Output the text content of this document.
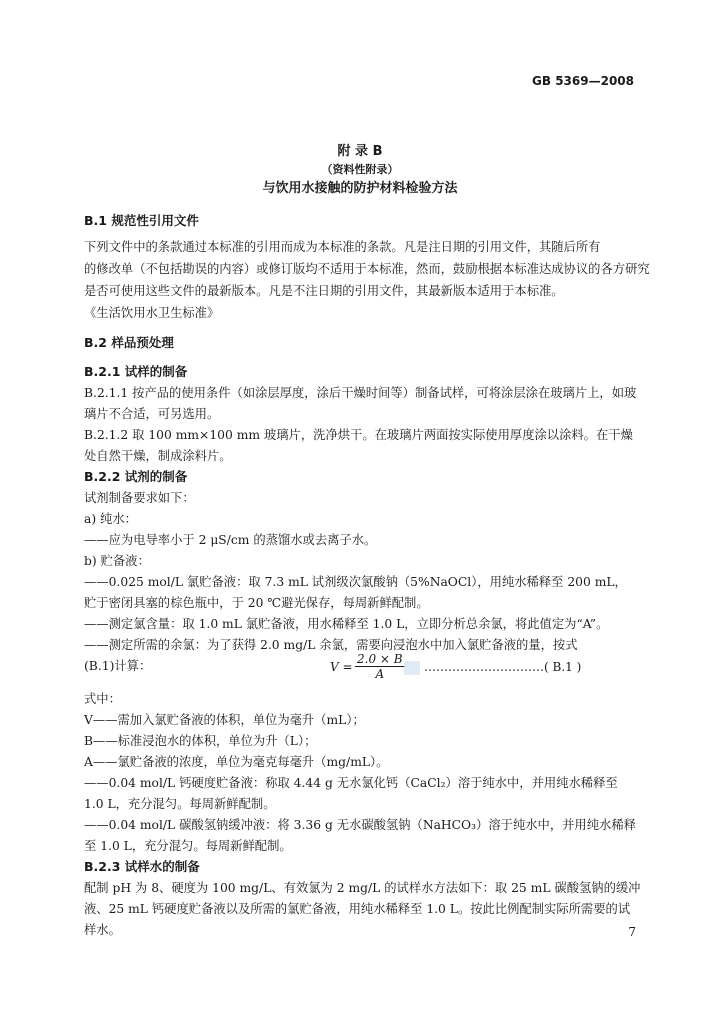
GB 5369—2008
附 录 B
（资料性附录）
与饮用水接触的防护材料检验方法
B.1 规范性引用文件
下列文件中的条款通过本标准的引用而成为本标准的条款。凡是注日期的引用文件，其随后所有
的修改单（不包括勘误的内容）或修订版均不适用于本标准，然而，鼓励根据本标准达成协议的各方研究
是否可使用这些文件的最新版本。凡是不注日期的引用文件，其最新版本适用于本标准。
《生活饮用水卫生标准》
B.2 样品预处理
B.2.1 试样的制备
B.2.1.1 按产品的使用条件（如涂层厚度，涂后干燥时间等）制备试样，可将涂层涂在玻璃片上，如玻
璃片不合适，可另选用。
B.2.1.2 取 100 mm×100 mm 玻璃片，洗净烘干。在玻璃片两面按实际使用厚度涂以涂料。在干燥
处自然干燥，制成涂料片。
B.2.2 试剂的制备
试剂制备要求如下：
a) 纯水：
——应为电导率小于 2 μS/cm 的蒸馏水或去离子水。
b) 贮备液：
——0.025 mol/L 氯贮备液：取 7.3 mL 试剂级次氯酸钠（5%NaOCl），用纯水稀释至 200 mL，
贮于密闭具塞的棕色瓶中，于 20 ℃避光保存，每周新鲜配制。
——测定氯含量：取 1.0 mL 氯贮备液，用水稀释至 1.0 L，立即分析总余氯，将此值定为“A”。
——测定所需的余氯：为了获得 2.0 mg/L 余氯，需要向浸泡水中加入氯贮备液的量，按式
(B.1)计算：
式中：
V——需加入氯贮备液的体积，单位为毫升（mL）；
B——标准浸泡水的体积，单位为升（L）；
A——氯贮备液的浓度，单位为毫克每毫升（mg/mL）。
——0.04 mol/L 钙硬度贮备液：称取 4.44 g 无水氯化钙（CaCl₂）溶于纯水中，并用纯水稀释至
1.0 L，充分混匀。每周新鲜配制。
——0.04 mol/L 碳酸氢钠缓冲液：将 3.36 g 无水碳酸氢钠（NaHCO₃）溶于纯水中，并用纯水稀释
至 1.0 L，充分混匀。每周新鲜配制。
B.2.3 试样水的制备
配制 pH 为 8、硬度为 100 mg/L、有效氯为 2 mg/L 的试样水方法如下：取 25 mL 碳酸氢钠的缓冲
液、25 mL 钙硬度贮备液以及所需的氯贮备液，用纯水稀释至 1.0 L。按此比例配制实际所需要的试
样水。
$V = \frac{2.0 \times B}{A}$ …………………………( B.1 )
7
